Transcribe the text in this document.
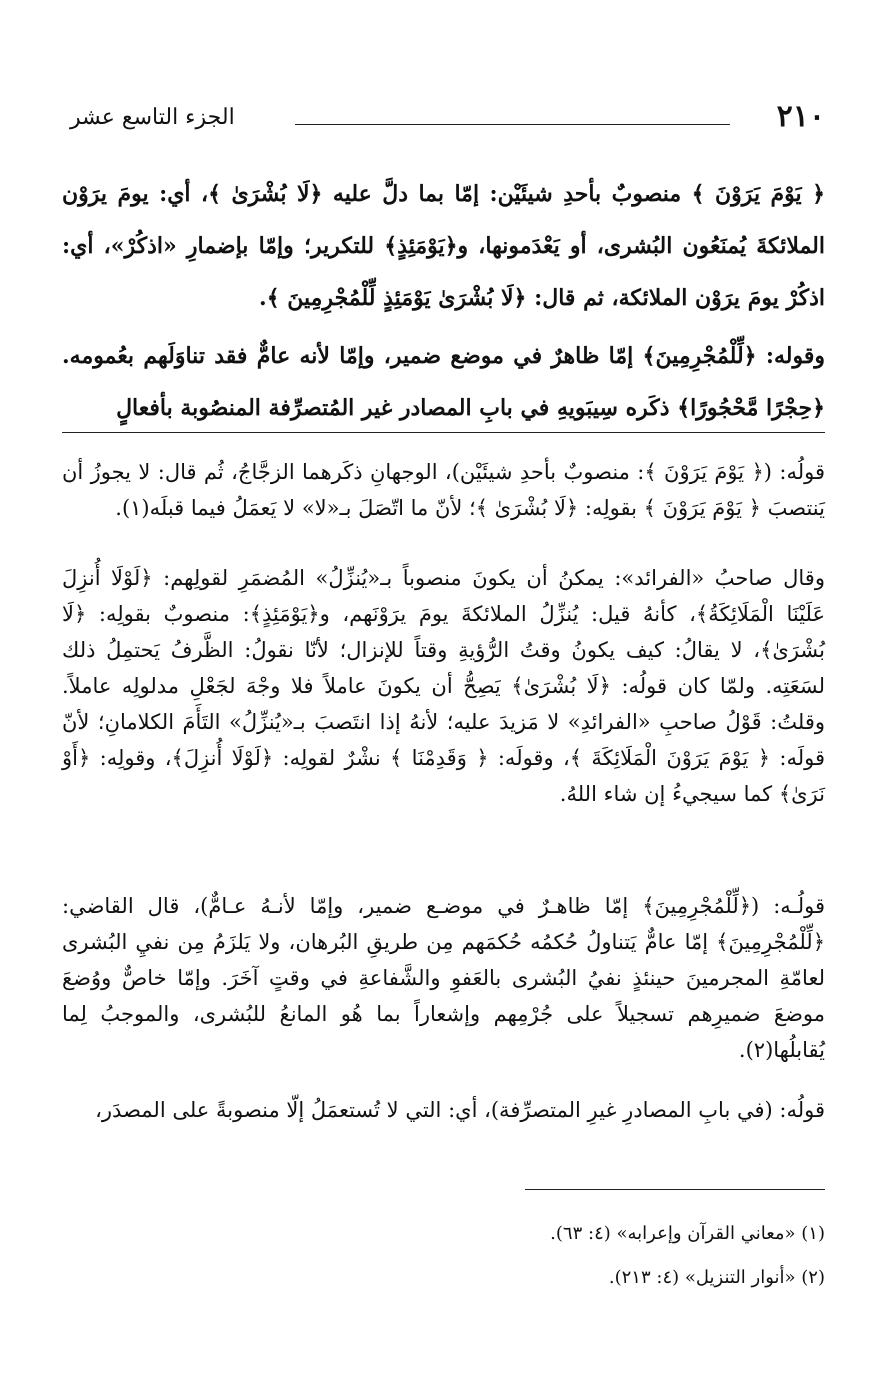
٢١٠
الجزء التاسع عشر

﴿ يَوْمَ يَرَوْنَ ﴾ منصوبٌ بأحدِ شيئَيْن: إمّا بما دلَّ عليه ﴿لَا بُشْرَىٰ ﴾، أي: يومَ يرَوْن الملائكةَ يُمنَعُون البُشرى، أو يَعْدَمونها، و﴿يَوْمَئِذٍ﴾ للتكرير؛ وإمّا بإضمارِ «اذكُرْ»، أي: اذكُرْ يومَ يرَوْن الملائكة، ثم قال: ﴿لَا بُشْرَىٰ يَوْمَئِذٍ لِّلْمُجْرِمِينَ ﴾.

وقوله: ﴿لِّلْمُجْرِمِينَ﴾ إمّا ظاهرٌ في موضع ضمير، وإمّا لأنه عامٌّ فقد تناوَلَهم بعُمومه. ﴿حِجْرًا مَّحْجُورًا﴾ ذكَره سِيبَويهِ في بابِ المصادر غير المُتصرِّفة المنصُوبة بأفعالٍ

قولُه: (﴿ يَوْمَ يَرَوْنَ ﴾: منصوبٌ بأحدِ شيئَيْن)، الوجهانِ ذكَرهما الزجَّاجُ، ثُم قال: لا يجوزُ أن يَنتصبَ ﴿ يَوْمَ يَرَوْنَ ﴾ بقولِه: ﴿لَا بُشْرَىٰ ﴾؛ لأنّ ما اتّصَلَ بـ«لا» لا يَعمَلُ فيما قبلَه(١).

وقال صاحبُ «الفرائد»: يمكنُ أن يكونَ منصوباً بـ«يُنزِّلُ» المُضمَرِ لقولِهم: ﴿لَوْلَا أُنزِلَ عَلَيْنَا الْمَلَائِكَةُ﴾، كأنهُ قيل: يُنزِّلُ الملائكةَ يومَ يرَوْنَهم، و﴿يَوْمَئِذٍ﴾: منصوبٌ بقولِه: ﴿لَا بُشْرَىٰ﴾، لا يقالُ: كيف يكونُ وقتُ الرُّؤيةِ وقتاً للإنزال؛ لأنّا نقولُ: الظَّرفُ يَحتمِلُ ذلك لسَعَتِه. ولمّا كان قولُه: ﴿لَا بُشْرَىٰ﴾ يَصِحُّ أن يكونَ عاملاً فلا وجْهَ لجَعْلِ مدلولِه عاملاً. وقلتُ: قَوْلُ صاحبِ «الفرائدِ» لا مَزيدَ عليه؛ لأنهُ إذا انتَصبَ بـ«يُنزِّلُ» التَأَمَ الكلامانِ؛ لأنّ قولَه: ﴿ يَوْمَ يَرَوْنَ الْمَلَائِكَةَ ﴾، وقولَه: ﴿ وَقَدِمْنَا ﴾ نشْرٌ لقولِه: ﴿لَوْلَا أُنزِلَ﴾، وقولِه: ﴿أَوْ نَرَىٰ﴾ كما سيجيءُ إن شاء اللهُ.

قولُـه: (﴿لِّلْمُجْرِمِينَ﴾ إمّا ظاهـرٌ في موضـع ضمير، وإمّا لأنـهُ عـامٌّ)، قال القاضي: ﴿لِّلْمُجْرِمِينَ﴾ إمّا عامٌّ يَتناولُ حُكمُه حُكمَهم مِن طريقِ البُرهان، ولا يَلزَمُ مِن نفيِ البُشرى لعامّةِ المجرمينَ حينئذٍ نفيُ البُشرى بالعَفوِ والشَّفاعةِ في وقتٍ آخَرَ. وإمّا خاصٌّ ووُضعَ موضعَ ضميرِهم تسجيلاً على جُرْمِهم وإشعاراً بما هُو المانعُ للبُشرى، والموجبُ لِما يُقابلُها(٢).

قولُه: (في بابِ المصادرِ غيرِ المتصرِّفة)، أي: التي لا تُستعمَلُ إلّا منصوبةً على المصدَر،

(١) «معاني القرآن وإعرابه» (٤: ٦٣).

(٢) «أنوار التنزيل» (٤: ٢١٣).
